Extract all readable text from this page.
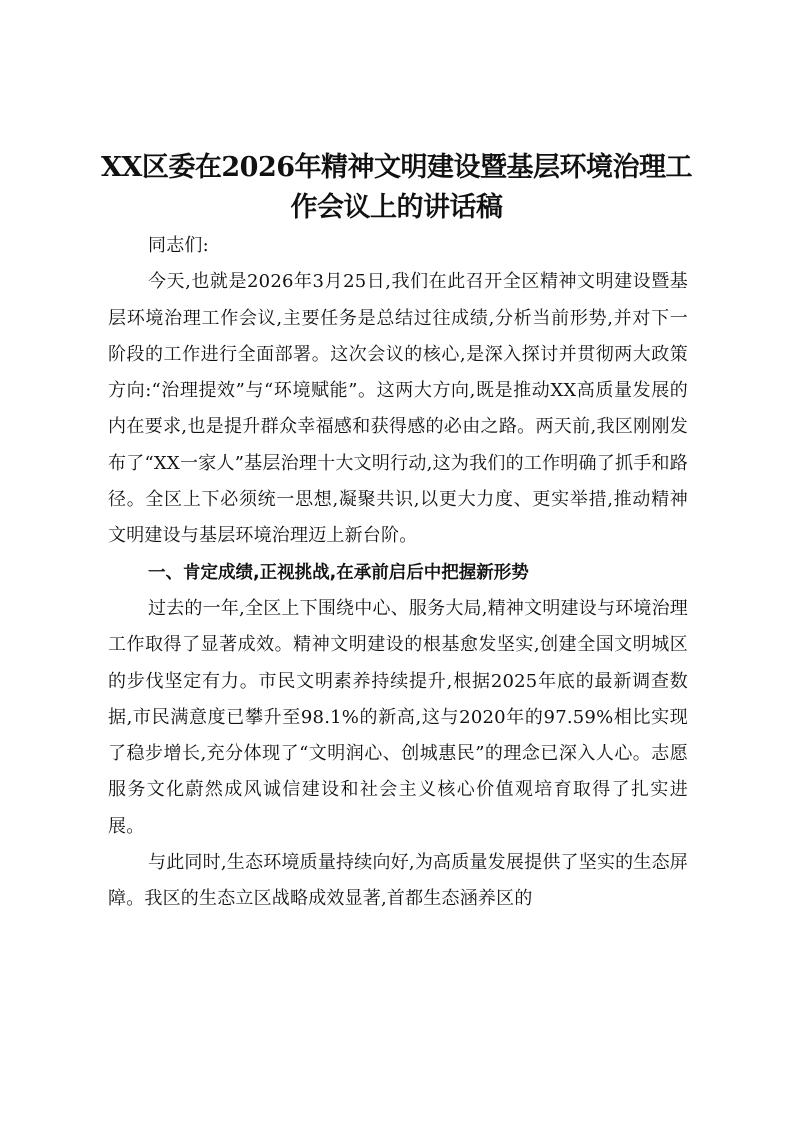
XX区委在2026年精神文明建设暨基层环境治理工作会议上的讲话稿

同志们:

今天,也就是2026年3月25日,我们在此召开全区精神文明建设暨基层环境治理工作会议,主要任务是总结过往成绩,分析当前形势,并对下一阶段的工作进行全面部署。这次会议的核心,是深入探讨并贯彻两大政策方向:“治理提效”与“环境赋能”。这两大方向,既是推动XX高质量发展的内在要求,也是提升群众幸福感和获得感的必由之路。两天前,我区刚刚发布了“XX一家人”基层治理十大文明行动,这为我们的工作明确了抓手和路径。全区上下必须统一思想,凝聚共识,以更大力度、更实举措,推动精神文明建设与基层环境治理迈上新台阶。

一、肯定成绩,正视挑战,在承前启后中把握新形势

过去的一年,全区上下围绕中心、服务大局,精神文明建设与环境治理工作取得了显著成效。精神文明建设的根基愈发坚实,创建全国文明城区的步伐坚定有力。市民文明素养持续提升,根据2025年底的最新调查数据,市民满意度已攀升至98.1%的新高,这与2020年的97.59%相比实现了稳步增长,充分体现了“文明润心、创城惠民”的理念已深入人心。志愿服务文化蔚然成风诚信建设和社会主义核心价值观培育取得了扎实进展。

与此同时,生态环境质量持续向好,为高质量发展提供了坚实的生态屏障。我区的生态立区战略成效显著,首都生态涵养区的
